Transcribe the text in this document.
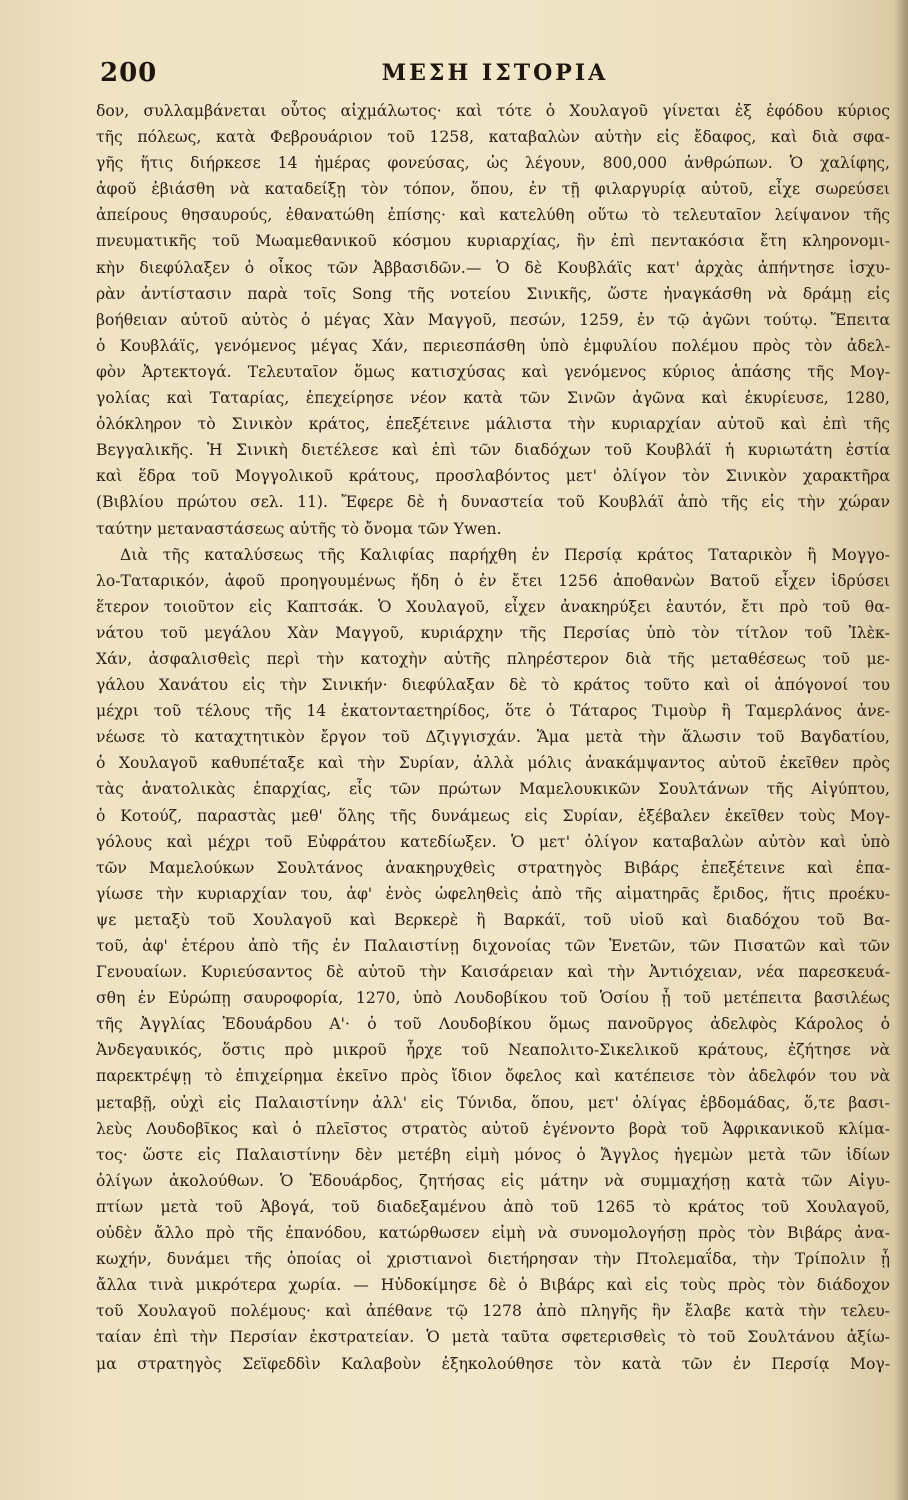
200	ΜΕΣΗ ΙΣΤΟΡΙΑ
δον, συλλαμβάνεται οὗτος αἰχμάλωτος· καὶ τότε ὁ Χουλαγοῦ γίνεται ἐξ ἐφόδου κύριος
τῆς πόλεως, κατὰ Φεβρουάριον τοῦ 1258, καταβαλὼν αὐτὴν εἰς ἔδαφος, καὶ διὰ σφα-
γῆς ἥτις διήρκεσε 14 ἡμέρας φονεύσας, ὡς λέγουν, 800,000 ἀνθρώπων. Ὁ χαλίφης,
ἀφοῦ ἐβιάσθη νὰ καταδείξῃ τὸν τόπον, ὅπου, ἐν τῇ φιλαργυρίᾳ αὐτοῦ, εἶχε σωρεύσει
ἀπείρους θησαυρούς, ἐθανατώθη ἐπίσης· καὶ κατελύθη οὕτω τὸ τελευταῖον λείψανον τῆς
πνευματικῆς τοῦ Μωαμεθανικοῦ κόσμου κυριαρχίας, ἣν ἐπὶ πεντακόσια ἔτη κληρονομι-
κὴν διεφύλαξεν ὁ οἶκος τῶν Ἀββασιδῶν.— Ὁ δὲ Κουβλάϊς κατ' ἀρχὰς ἀπήντησε ἰσχυ-
ρὰν ἀντίστασιν παρὰ τοῖς Song τῆς νοτείου Σινικῆς, ὥστε ἠναγκάσθη νὰ δράμῃ εἰς
βοήθειαν αὐτοῦ αὐτὸς ὁ μέγας Χὰν Μαγγοῦ, πεσών, 1259, ἐν τῷ ἀγῶνι τούτῳ. Ἔπειτα
ὁ Κουβλάϊς, γενόμενος μέγας Χάν, περιεσπάσθη ὑπὸ ἐμφυλίου πολέμου πρὸς τὸν ἀδελ-
φὸν Ἀρτεκτογά. Τελευταῖον ὅμως κατισχύσας καὶ γενόμενος κύριος ἁπάσης τῆς Μογ-
γολίας καὶ Ταταρίας, ἐπεχείρησε νέον κατὰ τῶν Σινῶν ἀγῶνα καὶ ἐκυρίευσε, 1280,
ὁλόκληρον τὸ Σινικὸν κράτος, ἐπεξέτεινε μάλιστα τὴν κυριαρχίαν αὐτοῦ καὶ ἐπὶ τῆς
Βεγγαλικῆς. Ἡ Σινικὴ διετέλεσε καὶ ἐπὶ τῶν διαδόχων τοῦ Κουβλάϊ ἡ κυριωτάτη ἑστία
καὶ ἕδρα τοῦ Μογγολικοῦ κράτους, προσλαβόντος μετ' ὀλίγον τὸν Σινικὸν χαρακτῆρα
(Βιβλίου πρώτου σελ. 11). Ἔφερε δὲ ἡ δυναστεία τοῦ Κουβλάϊ ἀπὸ τῆς εἰς τὴν χώραν
ταύτην μεταναστάσεως αὐτῆς τὸ ὄνομα τῶν Ywen.
Διὰ τῆς καταλύσεως τῆς Καλιφίας παρήχθη ἐν Περσίᾳ κράτος Ταταρικὸν ἢ Μογγο-
λο-Ταταρικόν, ἀφοῦ προηγουμένως ἤδη ὁ ἐν ἔτει 1256 ἀποθανὼν Βατοῦ εἶχεν ἱδρύσει
ἕτερον τοιοῦτον εἰς Καπτσάκ. Ὁ Χουλαγοῦ, εἶχεν ἀνακηρύξει ἑαυτόν, ἔτι πρὸ τοῦ θα-
νάτου τοῦ μεγάλου Χὰν Μαγγοῦ, κυριάρχην τῆς Περσίας ὑπὸ τὸν τίτλον τοῦ Ἰλὲκ-
Χάν, ἀσφαλισθεὶς περὶ τὴν κατοχὴν αὐτῆς πληρέστερον διὰ τῆς μεταθέσεως τοῦ με-
γάλου Χανάτου εἰς τὴν Σινικήν· διεφύλαξαν δὲ τὸ κράτος τοῦτο καὶ οἱ ἀπόγονοί του
μέχρι τοῦ τέλους τῆς 14 ἑκατονταετηρίδος, ὅτε ὁ Τάταρος Τιμοὺρ ἢ Ταμερλάνος ἀνε-
νέωσε τὸ καταχτητικὸν ἔργον τοῦ Δζιγγισχάν. Ἅμα μετὰ τὴν ἅλωσιν τοῦ Βαγδατίου,
ὁ Χουλαγοῦ καθυπέταξε καὶ τὴν Συρίαν, ἀλλὰ μόλις ἀνακάμψαντος αὐτοῦ ἐκεῖθεν πρὸς
τὰς ἀνατολικὰς ἐπαρχίας, εἷς τῶν πρώτων Μαμελουκικῶν Σουλτάνων τῆς Αἰγύπτου,
ὁ Κοτούζ, παραστὰς μεθ' ὅλης τῆς δυνάμεως εἰς Συρίαν, ἐξέβαλεν ἐκεῖθεν τοὺς Μογ-
γόλους καὶ μέχρι τοῦ Εὐφράτου κατεδίωξεν. Ὁ μετ' ὀλίγον καταβαλὼν αὐτὸν καὶ ὑπὸ
τῶν Μαμελούκων Σουλτάνος ἀνακηρυχθεὶς στρατηγὸς Βιβάρς ἐπεξέτεινε καὶ ἐπα-
γίωσε τὴν κυριαρχίαν του, ἀφ' ἑνὸς ὠφεληθεὶς ἀπὸ τῆς αἱματηρᾶς ἔριδος, ἥτις προέκυ-
ψε μεταξὺ τοῦ Χουλαγοῦ καὶ Βερκερὲ ἢ Βαρκάϊ, τοῦ υἱοῦ καὶ διαδόχου τοῦ Βα-
τοῦ, ἀφ' ἑτέρου ἀπὸ τῆς ἐν Παλαιστίνῃ διχονοίας τῶν Ἑνετῶν, τῶν Πισατῶν καὶ τῶν
Γενουαίων. Κυριεύσαντος δὲ αὐτοῦ τὴν Καισάρειαν καὶ τὴν Ἀντιόχειαν, νέα παρεσκευά-
σθη ἐν Εὐρώπῃ σαυροφορία, 1270, ὑπὸ Λουδοβίκου τοῦ Ὁσίου ᾗ τοῦ μετέπειτα βασιλέως
τῆς Ἀγγλίας Ἐδουάρδου Α'· ὁ τοῦ Λουδοβίκου ὅμως πανοῦργος ἀδελφὸς Κάρολος ὁ
Ἀνδεγαυικός, ὅστις πρὸ μικροῦ ἦρχε τοῦ Νεαπολιτο-Σικελικοῦ κράτους, ἐζήτησε νὰ
παρεκτρέψῃ τὸ ἐπιχείρημα ἐκεῖνο πρὸς ἴδιον ὄφελος καὶ κατέπεισε τὸν ἀδελφόν του νὰ
μεταβῇ, οὐχὶ εἰς Παλαιστίνην ἀλλ' εἰς Τύνιδα, ὅπου, μετ' ὀλίγας ἑβδομάδας, ὅ,τε βασι-
λεὺς Λουδοβῖκος καὶ ὁ πλεῖστος στρατὸς αὐτοῦ ἐγένοντο βορὰ τοῦ Ἀφρικανικοῦ κλίμα-
τος· ὥστε εἰς Παλαιστίνην δὲν μετέβη εἰμὴ μόνος ὁ Ἄγγλος ἡγεμὼν μετὰ τῶν ἰδίων
ὀλίγων ἀκολούθων. Ὁ Ἐδουάρδος, ζητήσας εἰς μάτην νὰ συμμαχήσῃ κατὰ τῶν Αἰγυ-
πτίων μετὰ τοῦ Ἀβογά, τοῦ διαδεξαμένου ἀπὸ τοῦ 1265 τὸ κράτος τοῦ Χουλαγοῦ,
οὐδὲν ἄλλο πρὸ τῆς ἐπανόδου, κατώρθωσεν εἰμὴ νὰ συνομολογήσῃ πρὸς τὸν Βιβάρς ἀνα-
κωχήν, δυνάμει τῆς ὁποίας οἱ χριστιανοὶ διετήρησαν τὴν Πτολεμαΐδα, τὴν Τρίπολιν ᾗ
ἄλλα τινὰ μικρότερα χωρία. — Ηὐδοκίμησε δὲ ὁ Βιβάρς καὶ εἰς τοὺς πρὸς τὸν διάδοχον
τοῦ Χουλαγοῦ πολέμους· καὶ ἀπέθανε τῷ 1278 ἀπὸ πληγῆς ἣν ἔλαβε κατὰ τὴν τελευ-
ταίαν ἐπὶ τὴν Περσίαν ἐκστρατείαν. Ὁ μετὰ ταῦτα σφετερισθεὶς τὸ τοῦ Σουλτάνου ἀξίω-
μα στρατηγὸς Σεϊφεδδὶν Καλαβοὺν ἐξηκολούθησε τὸν κατὰ τῶν ἐν Περσίᾳ Μογ-
